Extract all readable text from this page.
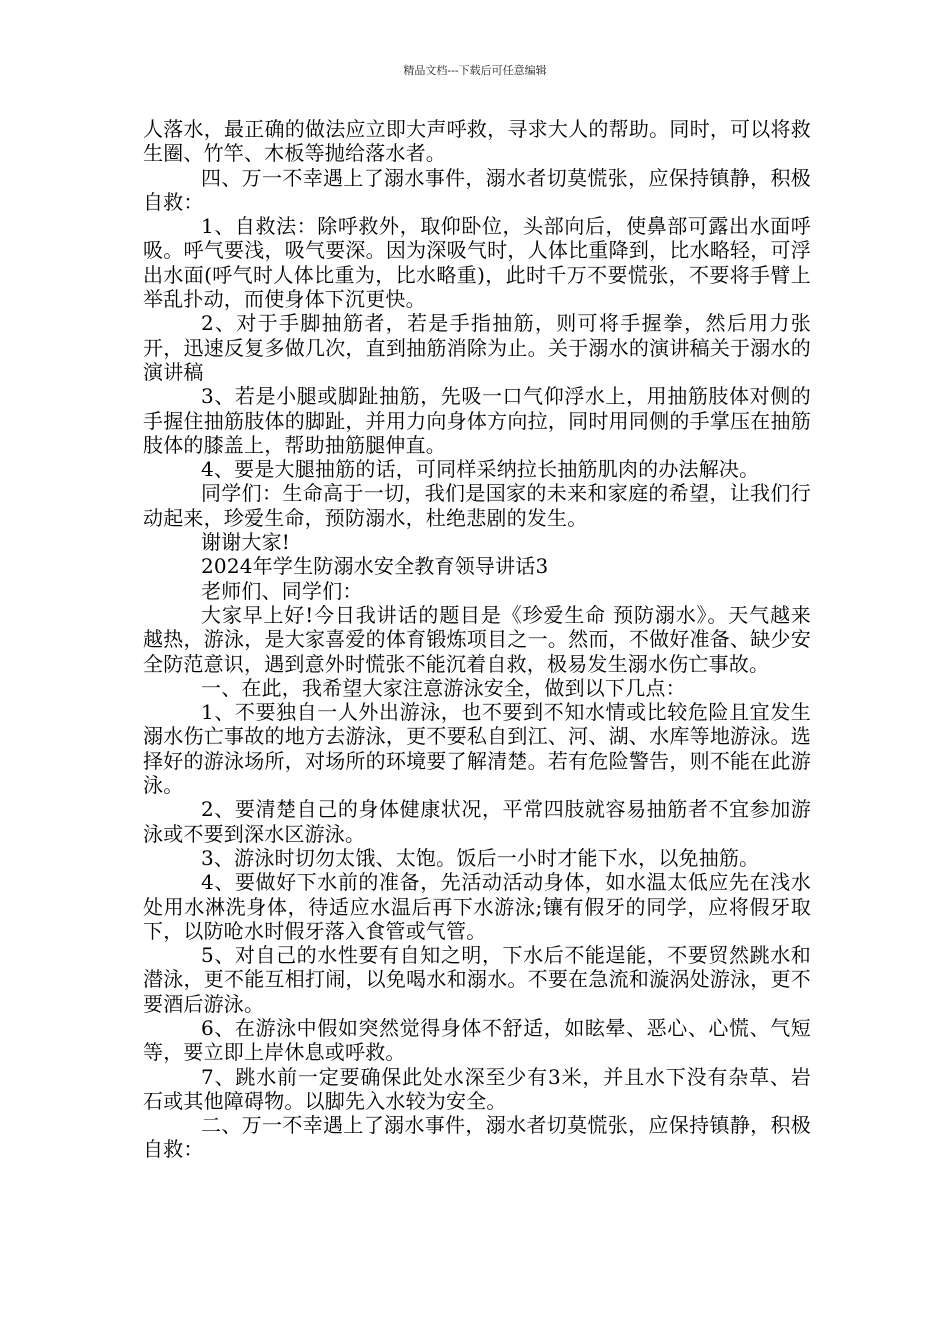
精品文档---下载后可任意编辑

人落水，最正确的做法应立即大声呼救，寻求大人的帮助。同时，可以将救生圈、竹竿、木板等抛给落水者。

四、万一不幸遇上了溺水事件，溺水者切莫慌张，应保持镇静，积极自救：

1、自救法：除呼救外，取仰卧位，头部向后，使鼻部可露出水面呼吸。呼气要浅，吸气要深。因为深吸气时，人体比重降到，比水略轻，可浮出水面(呼气时人体比重为，比水略重)，此时千万不要慌张，不要将手臂上举乱扑动，而使身体下沉更快。

2、对于手脚抽筋者，若是手指抽筋，则可将手握拳，然后用力张开，迅速反复多做几次，直到抽筋消除为止。关于溺水的演讲稿关于溺水的演讲稿

3、若是小腿或脚趾抽筋，先吸一口气仰浮水上，用抽筋肢体对侧的手握住抽筋肢体的脚趾，并用力向身体方向拉，同时用同侧的手掌压在抽筋肢体的膝盖上，帮助抽筋腿伸直。

4、要是大腿抽筋的话，可同样采纳拉长抽筋肌肉的办法解决。

同学们：生命高于一切，我们是国家的未来和家庭的希望，让我们行动起来，珍爱生命，预防溺水，杜绝悲剧的发生。

谢谢大家!

2024年学生防溺水安全教育领导讲话3

老师们、同学们：

大家早上好!今日我讲话的题目是《珍爱生命 预防溺水》。天气越来越热，游泳，是大家喜爱的体育锻炼项目之一。然而，不做好准备、缺少安全防范意识，遇到意外时慌张不能沉着自救，极易发生溺水伤亡事故。

一、在此，我希望大家注意游泳安全，做到以下几点：

1、不要独自一人外出游泳，也不要到不知水情或比较危险且宜发生溺水伤亡事故的地方去游泳，更不要私自到江、河、湖、水库等地游泳。选择好的游泳场所，对场所的环境要了解清楚。若有危险警告，则不能在此游泳。

2、要清楚自己的身体健康状况，平常四肢就容易抽筋者不宜参加游泳或不要到深水区游泳。

3、游泳时切勿太饿、太饱。饭后一小时才能下水，以免抽筋。

4、要做好下水前的准备，先活动活动身体，如水温太低应先在浅水处用水淋洗身体，待适应水温后再下水游泳;镶有假牙的同学，应将假牙取下，以防呛水时假牙落入食管或气管。

5、对自己的水性要有自知之明，下水后不能逞能，不要贸然跳水和潜泳，更不能互相打闹，以免喝水和溺水。不要在急流和漩涡处游泳，更不要酒后游泳。

6、在游泳中假如突然觉得身体不舒适，如眩晕、恶心、心慌、气短等，要立即上岸休息或呼救。

7、跳水前一定要确保此处水深至少有3米，并且水下没有杂草、岩石或其他障碍物。以脚先入水较为安全。

二、万一不幸遇上了溺水事件，溺水者切莫慌张，应保持镇静，积极自救：
